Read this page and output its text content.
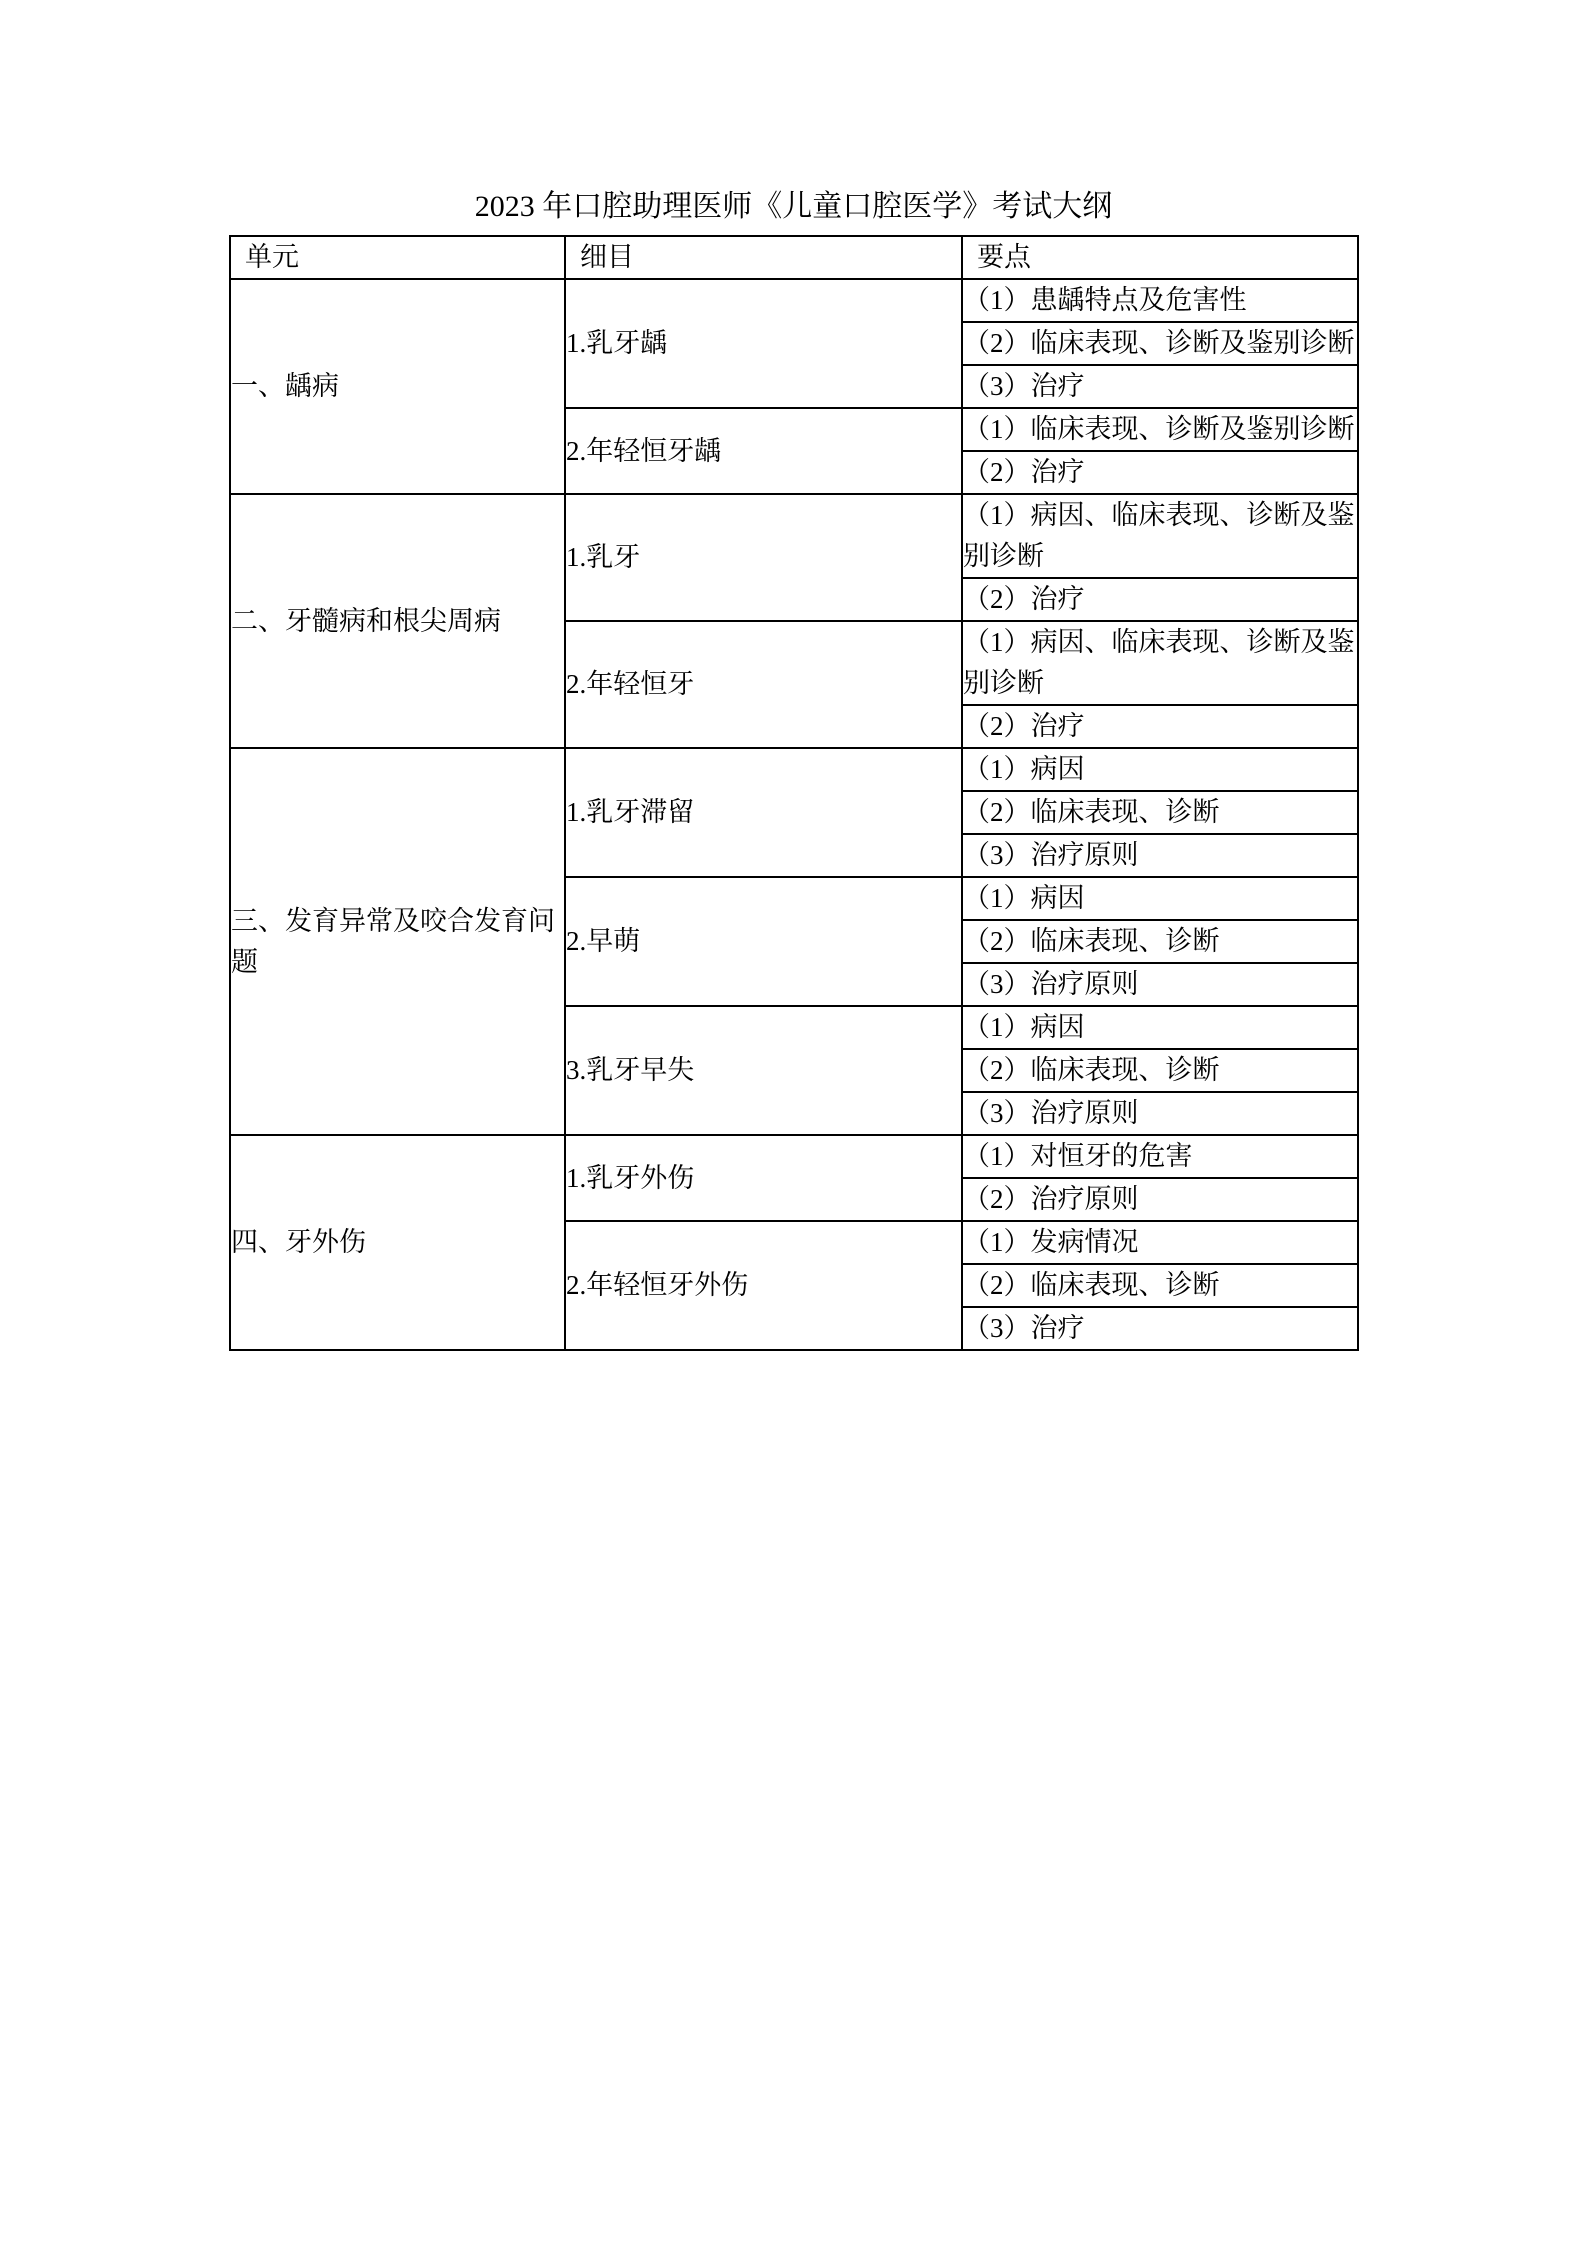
2023 年口腔助理医师《儿童口腔医学》考试大纲
单元	细目	要点
一、龋病	1.乳牙龋	（1）患龋特点及危害性
		（2）临床表现、诊断及鉴别诊断
		（3）治疗
	2.年轻恒牙龋	（1）临床表现、诊断及鉴别诊断
		（2）治疗
二、牙髓病和根尖周病	1.乳牙	（1）病因、临床表现、诊断及鉴别诊断
		（2）治疗
	2.年轻恒牙	（1）病因、临床表现、诊断及鉴别诊断
		（2）治疗
三、发育异常及咬合发育问题	1.乳牙滞留	（1）病因
		（2）临床表现、诊断
		（3）治疗原则
	2.早萌	（1）病因
		（2）临床表现、诊断
		（3）治疗原则
	3.乳牙早失	（1）病因
		（2）临床表现、诊断
		（3）治疗原则
四、牙外伤	1.乳牙外伤	（1）对恒牙的危害
		（2）治疗原则
	2.年轻恒牙外伤	（1）发病情况
		（2）临床表现、诊断
		（3）治疗
